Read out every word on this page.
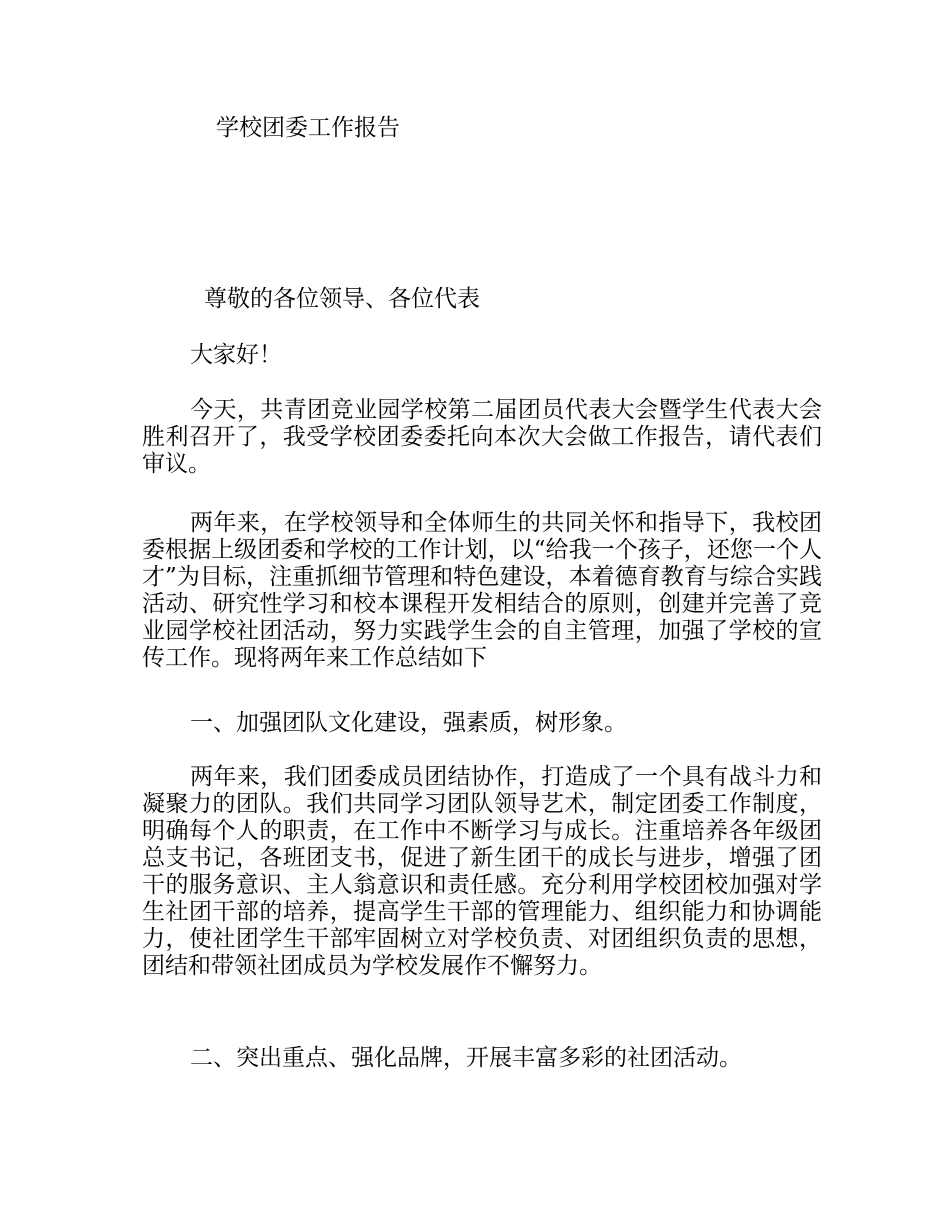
学校团委工作报告
尊敬的各位领导、各位代表
大家好！

今天，共青团竞业园学校第二届团员代表大会暨学生代表大会胜利召开了，我受学校团委委托向本次大会做工作报告，请代表们审议。

两年来，在学校领导和全体师生的共同关怀和指导下，我校团委根据上级团委和学校的工作计划，以“给我一个孩子，还您一个人才”为目标，注重抓细节管理和特色建设，本着德育教育与综合实践活动、研究性学习和校本课程开发相结合的原则，创建并完善了竞业园学校社团活动，努力实践学生会的自主管理，加强了学校的宣传工作。现将两年来工作总结如下

一、加强团队文化建设，强素质，树形象。

两年来，我们团委成员团结协作，打造成了一个具有战斗力和凝聚力的团队。我们共同学习团队领导艺术，制定团委工作制度，明确每个人的职责，在工作中不断学习与成长。注重培养各年级团总支书记，各班团支书，促进了新生团干的成长与进步，增强了团干的服务意识、主人翁意识和责任感。充分利用学校团校加强对学生社团干部的培养，提高学生干部的管理能力、组织能力和协调能力，使社团学生干部牢固树立对学校负责、对团组织负责的思想，团结和带领社团成员为学校发展作不懈努力。

二、突出重点、强化品牌，开展丰富多彩的社团活动。
